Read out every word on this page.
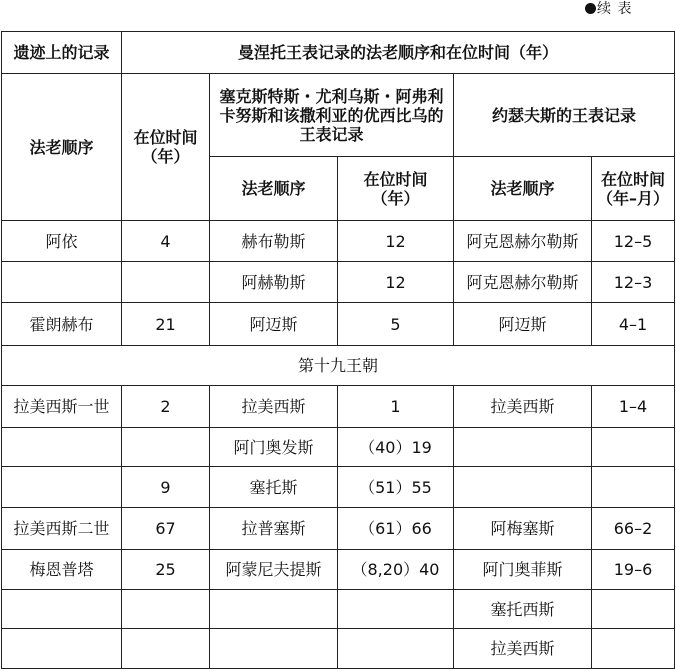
续 表
遗迹上的记录	曼涅托王表记录的法老顺序和在位时间（年）				
法老顺序	在位时间（年）	塞克斯特斯・尤利乌斯・阿弗利卡努斯和该撒利亚的优西比乌的王表记录		约瑟夫斯的王表记录	
		法老顺序	在位时间（年）	法老顺序	在位时间（年–月）
阿依	4	赫布勒斯	12	阿克恩赫尔勒斯	12–5
		阿赫勒斯	12	阿克恩赫尔勒斯	12–3
霍朗赫布	21	阿迈斯	5	阿迈斯	4–1
第十九王朝					
拉美西斯一世	2	拉美西斯	1	拉美西斯	1–4
		阿门奥发斯	（40）19		
	9	塞托斯	（51）55		
拉美西斯二世	67	拉普塞斯	（61）66	阿梅塞斯	66–2
梅恩普塔	25	阿蒙尼夫提斯	（8,20）40	阿门奥菲斯	19–6
				塞托西斯	
				拉美西斯	
